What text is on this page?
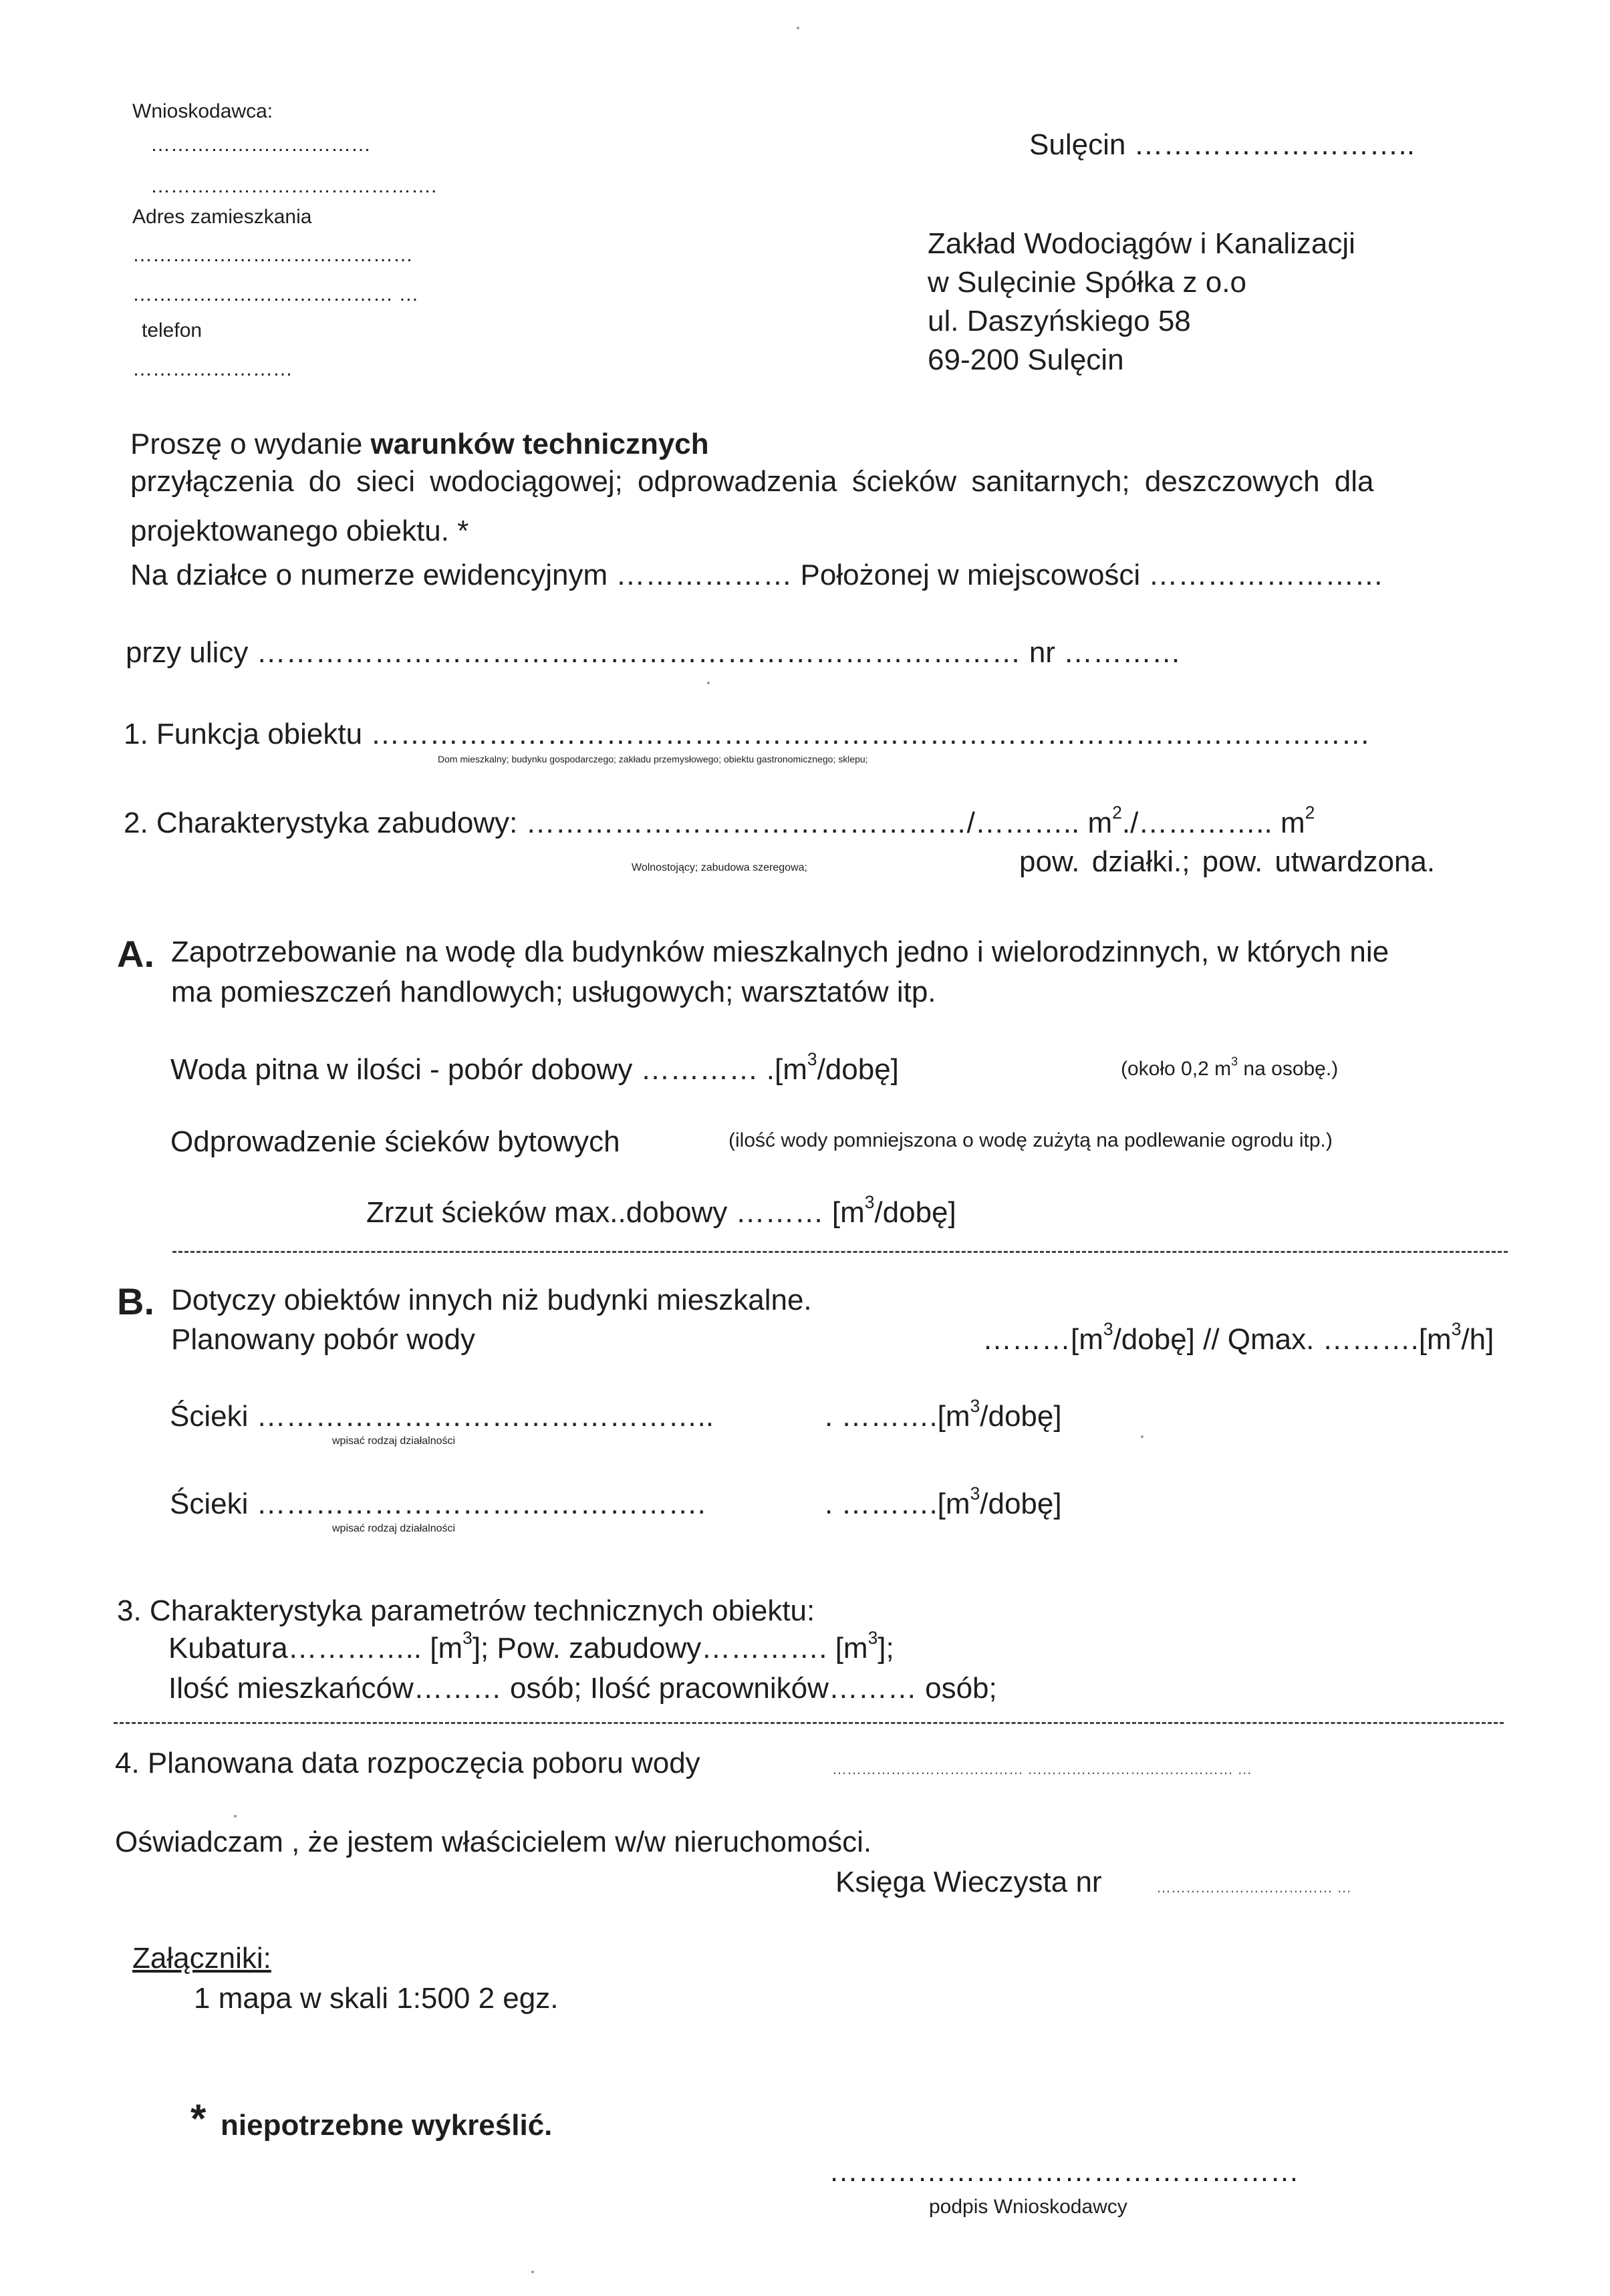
Wnioskodawca:
……………………………
…………………………………….
Adres zamieszkania
……………………………………
………………………………… …
telefon
……………………
Sulęcin ………………………..
Zakład Wodociągów i Kanalizacji
w Sulęcinie Spółka z o.o
ul. Daszyńskiego 58
69-200 Sulęcin
Proszę o wydanie warunków technicznych
przyłączenia do sieci wodociągowej; odprowadzenia ścieków sanitarnych; deszczowych dla
projektowanego obiektu. *
Na działce o numerze ewidencyjnym ……………… Położonej w miejscowości ……………………
przy ulicy …………………………………………………………………… nr …………
1. Funkcja obiektu …………………………………………………………………………………………
Dom mieszkalny; budynku gospodarczego; zakładu przemysłowego; obiektu gastronomicznego; sklepu;
2. Charakterystyka zabudowy: ………………………………………/……….. $m^2./\dots\dots\dots\dots$.. $m^2$
Wolnostojący; zabudowa szeregowa;	pow. działki.; pow. utwardzona.
A. Zapotrzebowanie na wodę dla budynków mieszkalnych jedno i wielorodzinnych, w których nie
ma pomieszczeń handlowych; usługowych; warsztatów itp.
Woda pitna w ilości - pobór dobowy ………… $.[m^3/dobę]$	(około 0,2 $m^3$ na osobę.)
Odprowadzenie ścieków bytowych	(ilość wody pomniejszona o wodę zużytą na podlewanie ogrodu itp.)
Zrzut ścieków max..dobowy ……… $[m^3/dobę]$
B. Dotyczy obiektów innych niż budynki mieszkalne.
Planowany pobór wody	$\dots\dots\dots[m^3/dobę]$ // Qmax. $\dots\dots\dots.[m^3/h]$
Ścieki ………………………………………..	. $\dots\dots\dots.[m^3/dobę]$
wpisać rodzaj działalności
Ścieki ……………………………………….	. $\dots\dots\dots.[m^3/dobę]$
wpisać rodzaj działalności
3. Charakterystyka parametrów technicznych obiektu:
Kubatura………….. $[m^3]$; Pow. zabudowy…………. $[m^3]$;
Ilość mieszkańców……… osób; Ilość pracowników……… osób;
4. Planowana data rozpoczęcia poboru wody	………………………………… …………………………………… …
Oświadczam , że jestem właścicielem w/w nieruchomości.
Księga Wieczysta nr	……………………………… …
Załączniki:
1 mapa w skali 1:500 2 egz.
* niepotrzebne wykreślić.
…………………………………………
podpis Wnioskodawcy
